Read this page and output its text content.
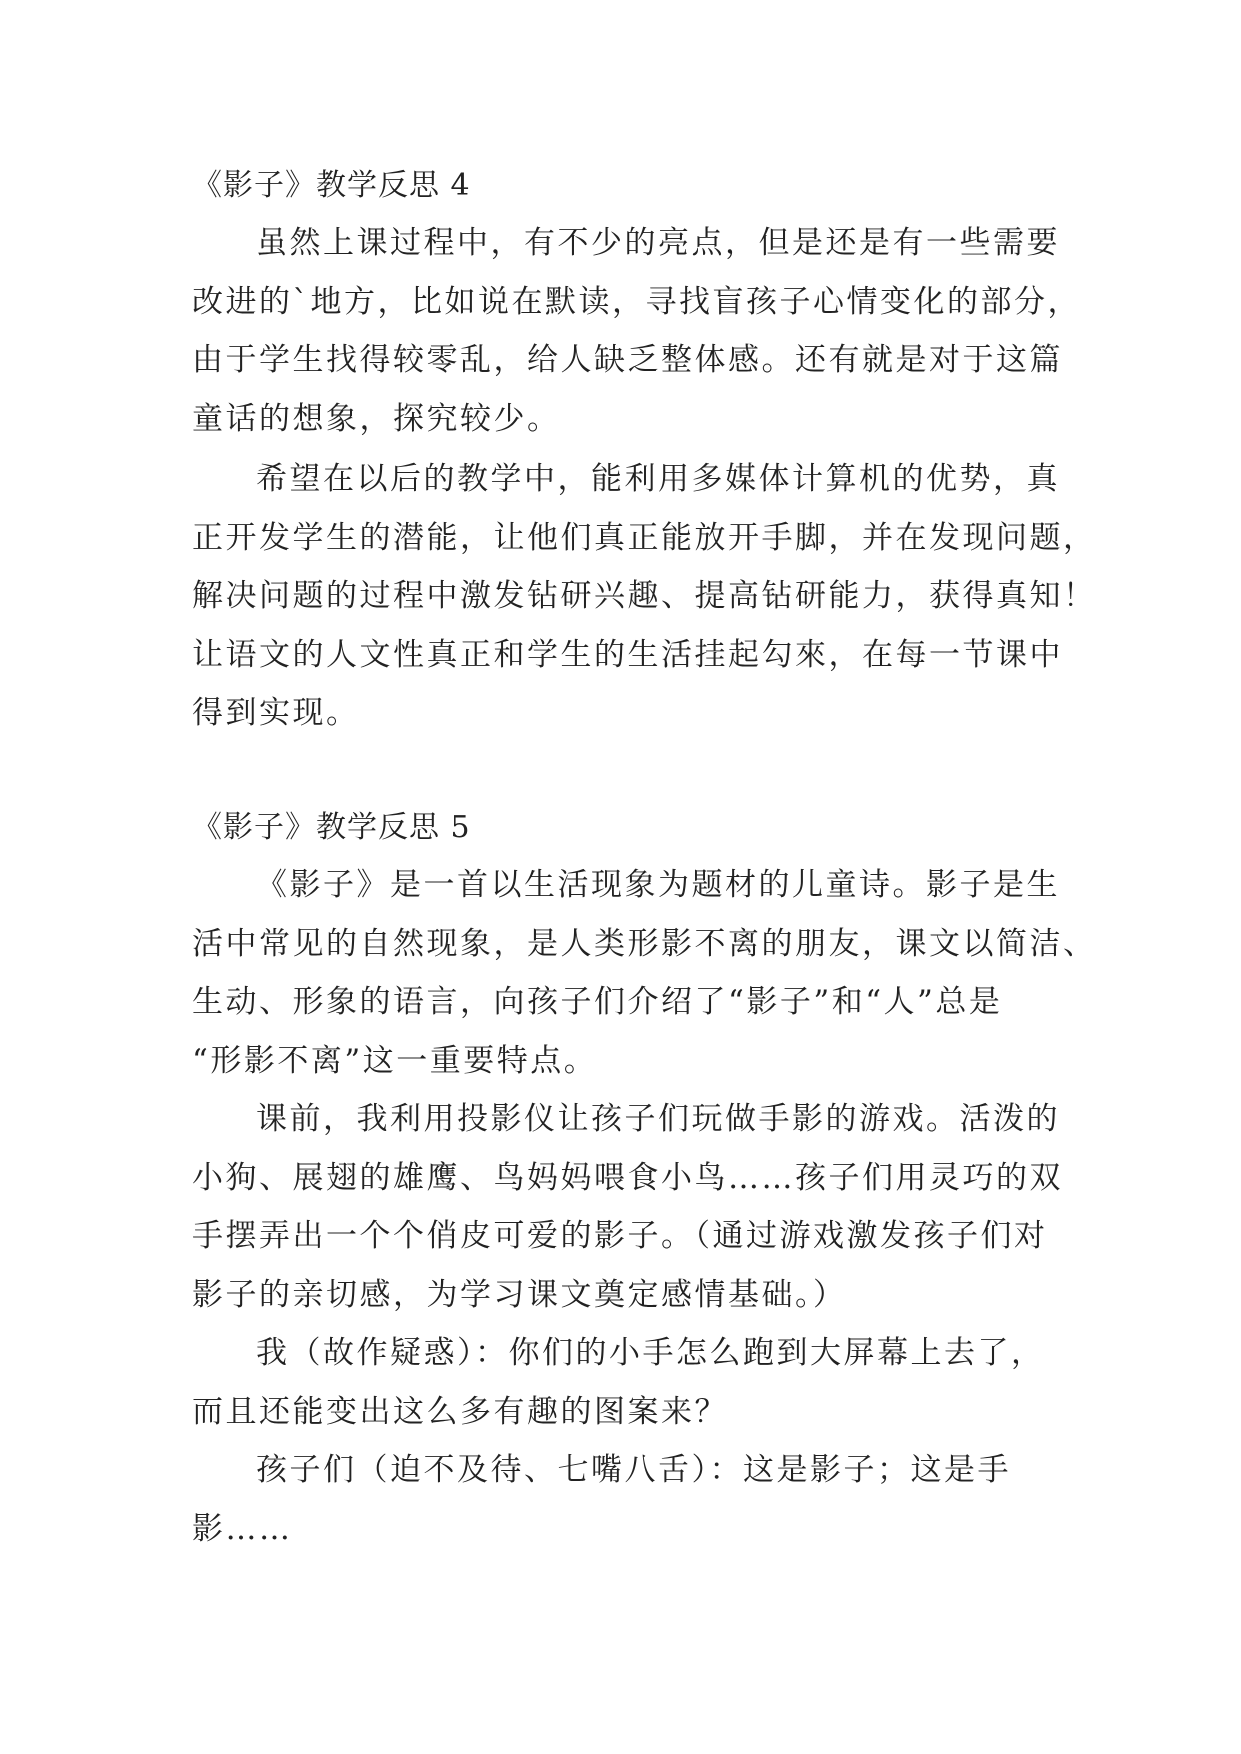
《影子》教学反思 4

虽然上课过程中，有不少的亮点，但是还是有一些需要
改进的`地方，比如说在默读，寻找盲孩子心情变化的部分，
由于学生找得较零乱，给人缺乏整体感。还有就是对于这篇
童话的想象，探究较少。

希望在以后的教学中，能利用多媒体计算机的优势，真
正开发学生的潜能，让他们真正能放开手脚，并在发现问题，
解决问题的过程中激发钻研兴趣、提高钻研能力，获得真知！
让语文的人文性真正和学生的生活挂起勾來，在每一节课中
得到实现。

《影子》教学反思 5

《影子》是一首以生活现象为题材的儿童诗。影子是生
活中常见的自然现象，是人类形影不离的朋友，课文以简洁、
生动、形象的语言，向孩子们介绍了“影子”和“人”总是
“形影不离”这一重要特点。

课前，我利用投影仪让孩子们玩做手影的游戏。活泼的
小狗、展翅的雄鹰、鸟妈妈喂食小鸟……孩子们用灵巧的双
手摆弄出一个个俏皮可爱的影子。（通过游戏激发孩子们对
影子的亲切感，为学习课文奠定感情基础。）

我（故作疑惑）：你们的小手怎么跑到大屏幕上去了，
而且还能变出这么多有趣的图案来？

孩子们（迫不及待、七嘴八舌）：这是影子；这是手
影……
